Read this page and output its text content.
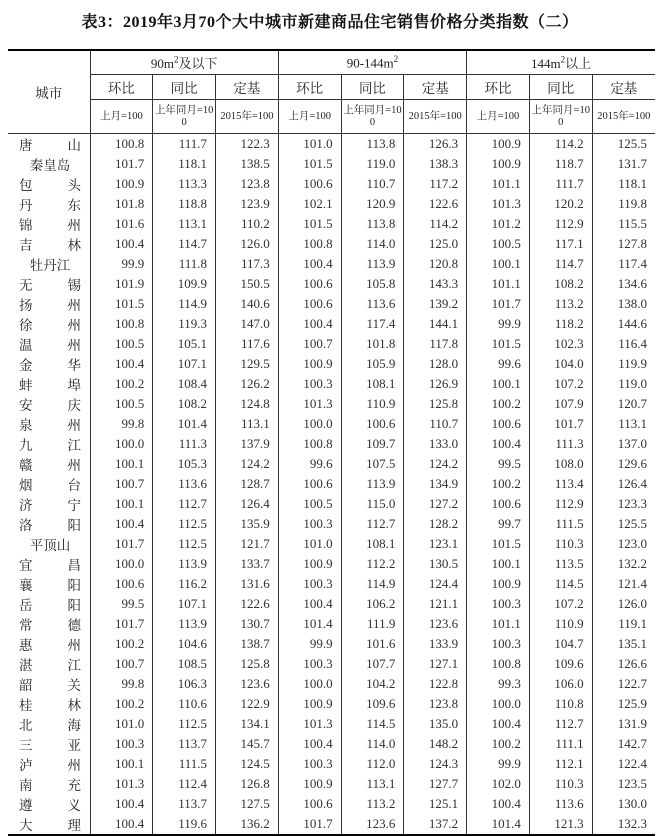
表3：2019年3月70个大中城市新建商品住宅销售价格分类指数（二）
城市	$90m^2$及以下			$90-144m^2$			$144m^2$以上		
	环比	同比	定基	环比	同比	定基	环比	同比	定基
	上月=100	上年同月=100	2015年=100	上月=100	上年同月=100	2015年=100	上月=100	上年同月=100	2015年=100

唐 山	100.8	111.7	122.3	101.0	113.8	126.3	100.9	114.2	125.5

秦 皇 岛	101.7	118.1	138.5	101.5	119.0	138.3	100.9	118.7	131.7

包 头	100.9	113.3	123.8	100.6	110.7	117.2	101.1	111.7	118.1

丹 东	101.8	118.8	123.9	102.1	120.9	122.6	101.3	120.2	119.8

锦 州	101.6	113.1	110.2	101.5	113.8	114.2	101.2	112.9	115.5

吉 林	100.4	114.7	126.0	100.8	114.0	125.0	100.5	117.1	127.8

牡 丹 江	99.9	111.8	117.3	100.4	113.9	120.8	100.1	114.7	117.4

无 锡	101.9	109.9	150.5	100.6	105.8	143.3	101.1	108.2	134.6

扬 州	101.5	114.9	140.6	100.6	113.6	139.2	101.7	113.2	138.0

徐 州	100.8	119.3	147.0	100.4	117.4	144.1	99.9	118.2	144.6

温 州	100.5	105.1	117.6	100.7	101.8	117.8	101.5	102.3	116.4

金 华	100.4	107.1	129.5	100.9	105.9	128.0	99.6	104.0	119.9

蚌 埠	100.2	108.4	126.2	100.3	108.1	126.9	100.1	107.2	119.0

安 庆	100.5	108.2	124.8	101.3	110.9	125.8	100.2	107.9	120.7

泉 州	99.8	101.4	113.1	100.0	100.6	110.7	100.6	101.7	113.1

九 江	100.0	111.3	137.9	100.8	109.7	133.0	100.4	111.3	137.0

赣 州	100.1	105.3	124.2	99.6	107.5	124.2	99.5	108.0	129.6

烟 台	100.7	113.6	128.7	100.6	113.9	134.9	100.2	113.4	126.4

济 宁	100.1	112.7	126.4	100.5	115.0	127.2	100.6	112.9	123.3

洛 阳	100.4	112.5	135.9	100.3	112.7	128.2	99.7	111.5	125.5

平 顶 山	101.7	112.5	121.7	101.0	108.1	123.1	101.5	110.3	123.0

宜 昌	100.0	113.9	133.7	100.9	112.2	130.5	100.1	113.5	132.2

襄 阳	100.6	116.2	131.6	100.3	114.9	124.4	100.9	114.5	121.4

岳 阳	99.5	107.1	122.6	100.4	106.2	121.1	100.3	107.2	126.0

常 德	101.7	113.9	130.7	101.4	111.9	123.6	101.1	110.9	119.1

惠 州	100.2	104.6	138.7	99.9	101.6	133.9	100.3	104.7	135.1

湛 江	100.7	108.5	125.8	100.3	107.7	127.1	100.8	109.6	126.6

韶 关	99.8	106.3	123.6	100.0	104.2	122.8	99.3	106.0	122.7

桂 林	100.2	110.6	122.9	100.9	109.6	123.8	100.0	110.8	125.9

北 海	101.0	112.5	134.1	101.3	114.5	135.0	100.4	112.7	131.9

三 亚	100.3	113.7	145.7	100.4	114.0	148.2	100.2	111.1	142.7

泸 州	100.1	111.5	124.5	100.3	112.0	124.3	99.9	112.1	122.4

南 充	101.3	112.4	126.8	100.9	113.1	127.7	102.0	110.3	123.5

遵 义	100.4	113.7	127.5	100.6	113.2	125.1	100.4	113.6	130.0

大 理	100.4	119.6	136.2	101.7	123.6	137.2	101.4	121.3	132.3
